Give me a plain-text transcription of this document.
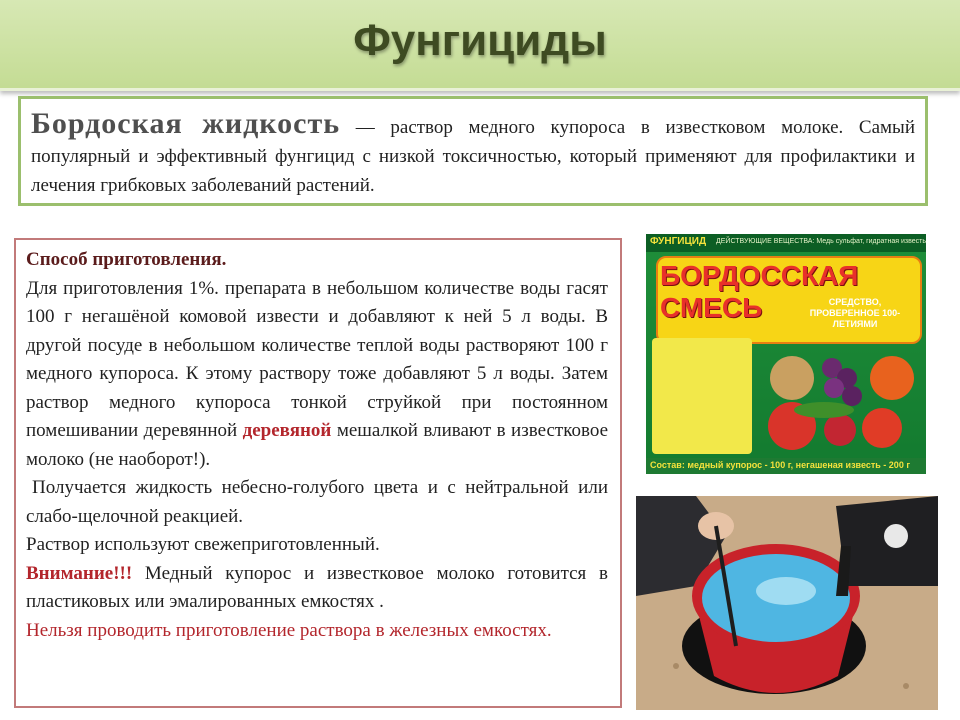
Фунгициды
Бордоская жидкость — раствор медного купороса в известковом молоке. Самый популярный и эффективный фунгицид с низкой токсичностью, который применяют для профилактики и лечения грибковых заболеваний растений.

Способ приготовления.

Для приготовления 1%. препарата в небольшом количестве воды гасят 100 г негашёной комовой извести и добавляют к ней 5 л воды. В другой посуде в небольшом количестве теплой воды растворяют 100 г медного купороса. К этому раствору тоже добавляют 5 л воды. Затем раствор медного купороса тонкой струйкой при постоянном помешивании деревянной деревяной мешалкой вливают в известковое молоко (не наоборот!).

Получается жидкость небесно-голубого цвета и с нейтральной или слабо-щелочной реакцией.

Раствор используют свежеприготовленный.

Внимание!!! Медный купорос и известковое молоко готовится в пластиковых или эмалированных емкостях .

Нельзя проводить приготовление раствора в железных емкостях.

ФУНГИЦИД ДЕЙСТВУЮЩИЕ ВЕЩЕСТВА: Медь сульфат, гидратная известь
БОРДОССКАЯ
СМЕСЬ	СРЕДСТВО, ПРОВЕРЕННОЕ 100-ЛЕТИЯМИ
Состав: медный купорос - 100 г, негашеная известь - 200 г
